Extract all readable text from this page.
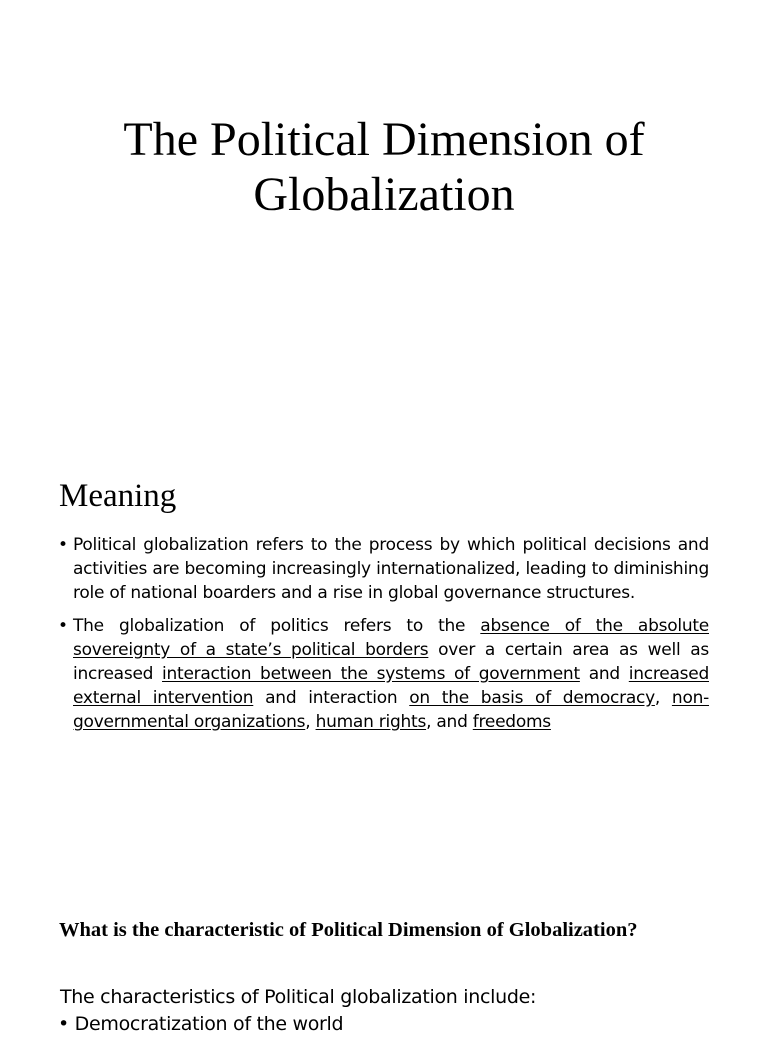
The Political Dimension of
Globalization
Meaning
• Political globalization refers to the process by which political decisions and activities are becoming increasingly internationalized, leading to diminishing role of national boarders and a rise in global governance structures.
• The globalization of politics refers to the absence of the absolute sovereignty of a state’s political borders over a certain area as well as increased interaction between the systems of government and increased external intervention and interaction on the basis of democracy, non-governmental organizations, human rights, and freedoms
What is the characteristic of Political Dimension of Globalization?
The characteristics of Political globalization include:
• Democratization of the world
